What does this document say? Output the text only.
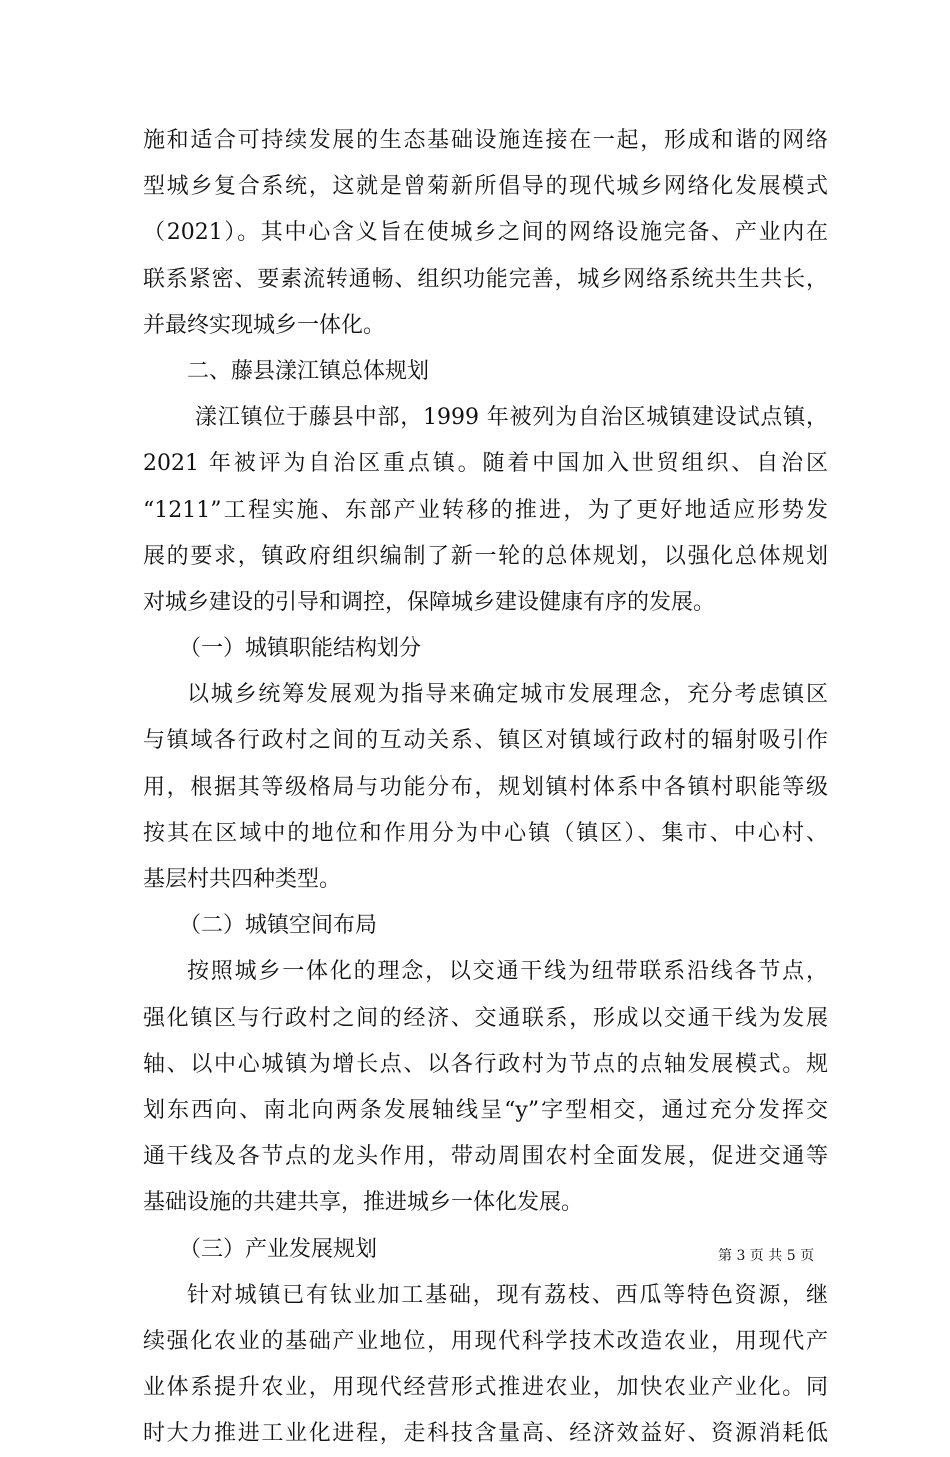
施和适合可持续发展的生态基础设施连接在一起，形成和谐的网络
型城乡复合系统，这就是曾菊新所倡导的现代城乡网络化发展模式
（2021）。其中心含义旨在使城乡之间的网络设施完备、产业内在
联系紧密、要素流转通畅、组织功能完善，城乡网络系统共生共长，
并最终实现城乡一体化。
二、藤县漾江镇总体规划
漾江镇位于藤县中部，1999 年被列为自治区城镇建设试点镇，
2021 年被评为自治区重点镇。随着中国加入世贸组织、自治区
“1211”工程实施、东部产业转移的推进，为了更好地适应形势发
展的要求，镇政府组织编制了新一轮的总体规划，以强化总体规划
对城乡建设的引导和调控，保障城乡建设健康有序的发展。
（一）城镇职能结构划分
以城乡统筹发展观为指导来确定城市发展理念，充分考虑镇区
与镇域各行政村之间的互动关系、镇区对镇域行政村的辐射吸引作
用，根据其等级格局与功能分布，规划镇村体系中各镇村职能等级
按其在区域中的地位和作用分为中心镇（镇区）、集市、中心村、
基层村共四种类型。
（二）城镇空间布局
按照城乡一体化的理念，以交通干线为纽带联系沿线各节点，
强化镇区与行政村之间的经济、交通联系，形成以交通干线为发展
轴、以中心城镇为增长点、以各行政村为节点的点轴发展模式。规
划东西向、南北向两条发展轴线呈“y”字型相交，通过充分发挥交
通干线及各节点的龙头作用，带动周围农村全面发展，促进交通等
基础设施的共建共享，推进城乡一体化发展。
（三）产业发展规划
针对城镇已有钛业加工基础，现有荔枝、西瓜等特色资源，继
续强化农业的基础产业地位，用现代科学技术改造农业，用现代产
业体系提升农业，用现代经营形式推进农业，加快农业产业化。同
时大力推进工业化进程，走科技含量高、经济效益好、资源消耗低
第 3 页 共 5 页
